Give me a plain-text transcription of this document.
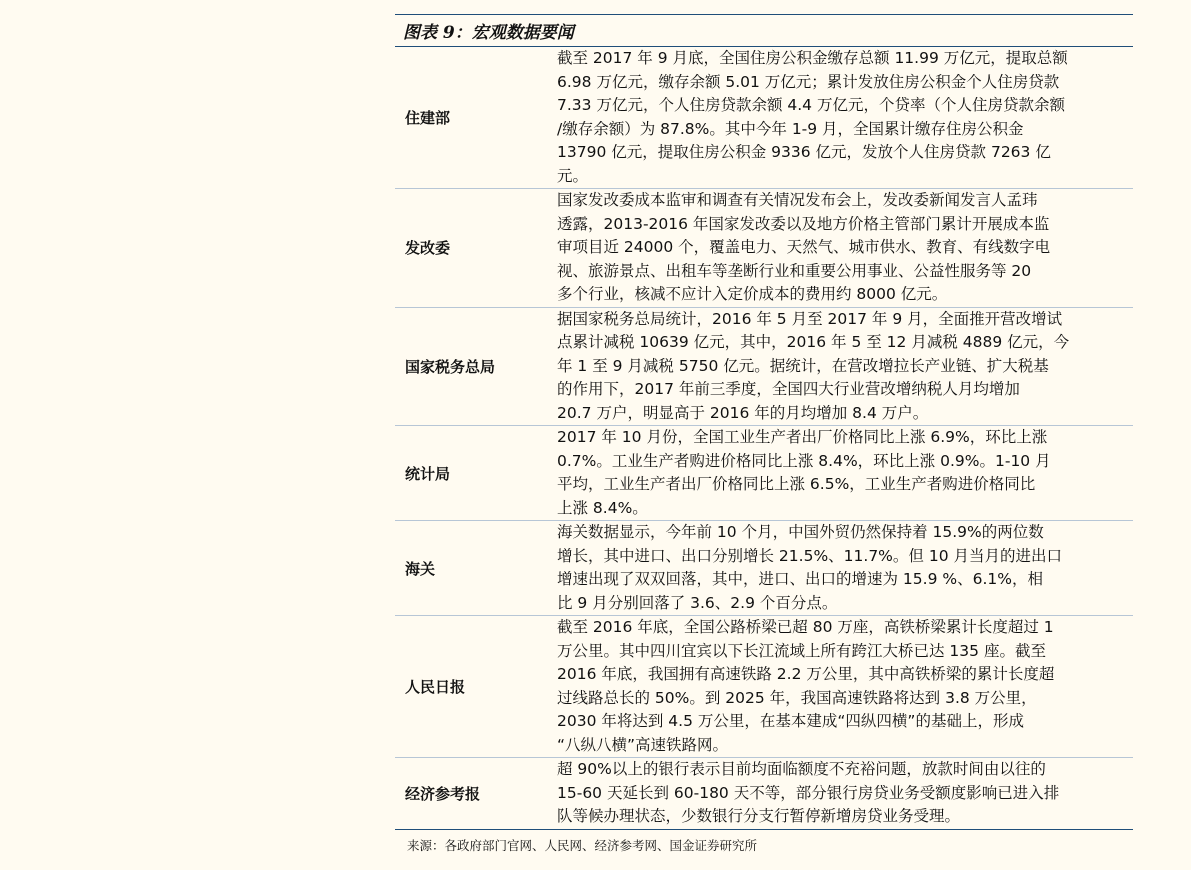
图表 9：宏观数据要闻
住建部
截至 2017 年 9 月底，全国住房公积金缴存总额 11.99 万亿元，提取总额
6.98 万亿元，缴存余额 5.01 万亿元；累计发放住房公积金个人住房贷款
7.33 万亿元，个人住房贷款余额 4.4 万亿元，个贷率（个人住房贷款余额
/缴存余额）为 87.8%。其中今年 1-9 月，全国累计缴存住房公积金
13790 亿元，提取住房公积金 9336 亿元，发放个人住房贷款 7263 亿
元。
发改委
国家发改委成本监审和调查有关情况发布会上，发改委新闻发言人孟玮
透露，2013-2016 年国家发改委以及地方价格主管部门累计开展成本监
审项目近 24000 个，覆盖电力、天然气、城市供水、教育、有线数字电
视、旅游景点、出租车等垄断行业和重要公用事业、公益性服务等 20
多个行业，核减不应计入定价成本的费用约 8000 亿元。
国家税务总局
据国家税务总局统计，2016 年 5 月至 2017 年 9 月，全面推开营改增试
点累计减税 10639 亿元，其中，2016 年 5 至 12 月减税 4889 亿元，今
年 1 至 9 月减税 5750 亿元。据统计，在营改增拉长产业链、扩大税基
的作用下，2017 年前三季度，全国四大行业营改增纳税人月均增加
20.7 万户，明显高于 2016 年的月均增加 8.4 万户。
统计局
2017 年 10 月份，全国工业生产者出厂价格同比上涨 6.9%，环比上涨
0.7%。工业生产者购进价格同比上涨 8.4%，环比上涨 0.9%。1-10 月
平均，工业生产者出厂价格同比上涨 6.5%，工业生产者购进价格同比
上涨 8.4%。
海关
海关数据显示，今年前 10 个月，中国外贸仍然保持着 15.9%的两位数
增长，其中进口、出口分别增长 21.5%、11.7%。但 10 月当月的进出口
增速出现了双双回落，其中，进口、出口的增速为 15.9 %、6.1%，相
比 9 月分别回落了 3.6、2.9 个百分点。
人民日报
截至 2016 年底，全国公路桥梁已超 80 万座，高铁桥梁累计长度超过 1
万公里。其中四川宜宾以下长江流域上所有跨江大桥已达 135 座。截至
2016 年底，我国拥有高速铁路 2.2 万公里，其中高铁桥梁的累计长度超
过线路总长的 50%。到 2025 年，我国高速铁路将达到 3.8 万公里，
2030 年将达到 4.5 万公里，在基本建成“四纵四横”的基础上，形成
“八纵八横”高速铁路网。
经济参考报
超 90%以上的银行表示目前均面临额度不充裕问题，放款时间由以往的
15-60 天延长到 60-180 天不等，部分银行房贷业务受额度影响已进入排
队等候办理状态，少数银行分支行暂停新增房贷业务受理。
来源：各政府部门官网、人民网、经济参考网、国金证券研究所
